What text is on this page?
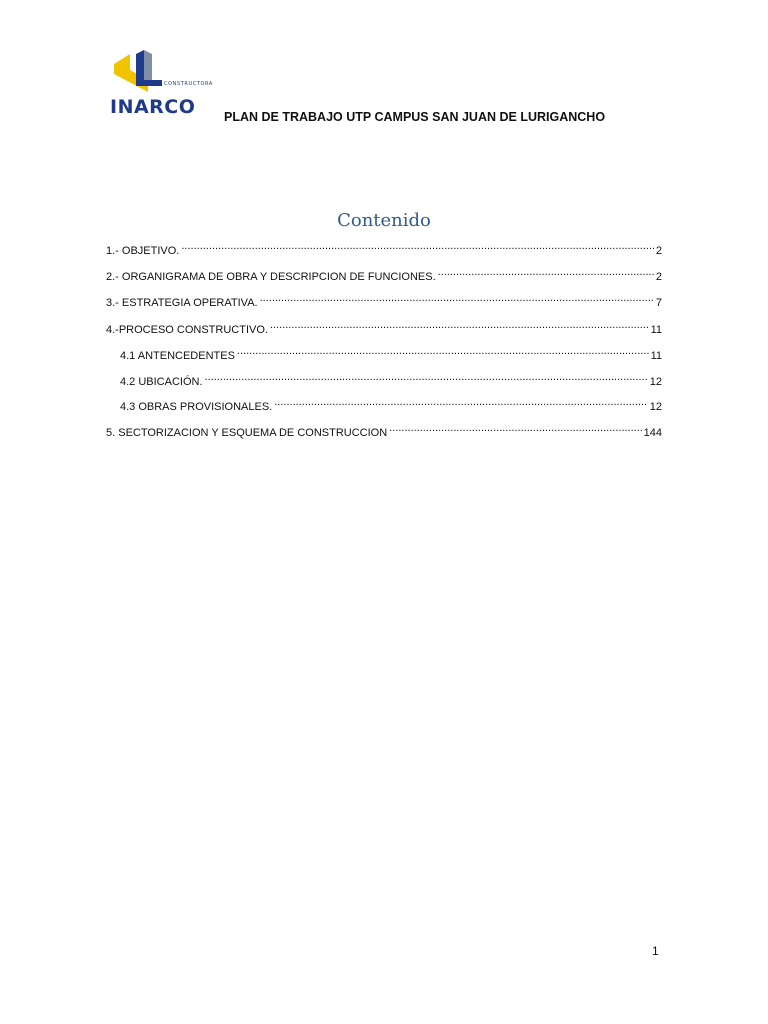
CONSTRUCTORA
INARCO PLAN DE TRABAJO UTP CAMPUS SAN JUAN DE LURIGANCHO
Contenido
1.- OBJETIVO. .....	2
2.- ORGANIGRAMA DE OBRA Y DESCRIPCION DE FUNCIONES. .....	2
3.- ESTRATEGIA OPERATIVA. .....	7
4.-PROCESO CONSTRUCTIVO. .....	11
4.1 ANTENCEDENTES .....	11
4.2 UBICACIÓN. .....	12
4.3 OBRAS PROVISIONALES. .....	12
5. SECTORIZACION Y ESQUEMA DE CONSTRUCCION .....	144
1
